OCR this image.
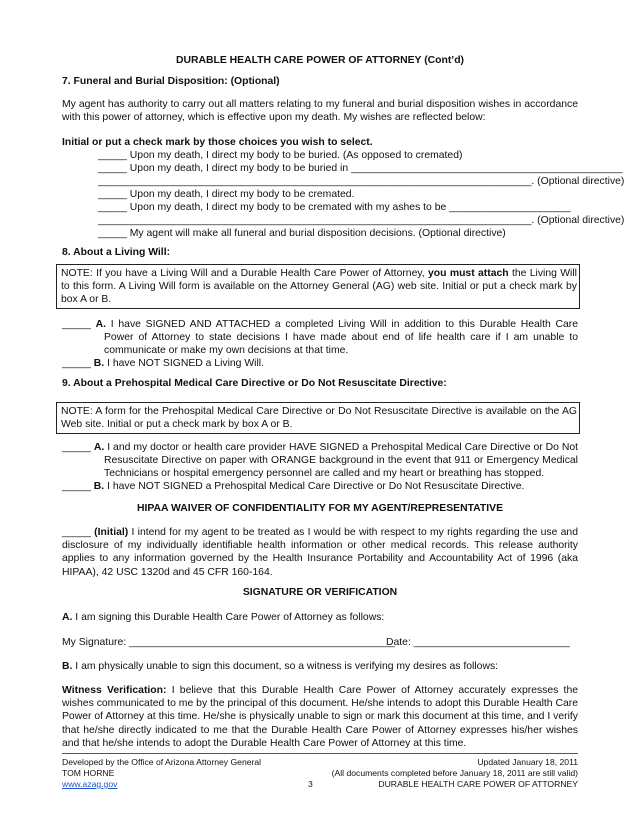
DURABLE HEALTH CARE POWER OF ATTORNEY (Cont’d)
7. Funeral and Burial Disposition: (Optional)

My agent has authority to carry out all matters relating to my funeral and burial disposition wishes in accordance with this power of attorney, which is effective upon my death. My wishes are reflected below:

Initial or put a check mark by those choices you wish to select.
_____ Upon my death, I direct my body to be buried. (As opposed to cremated)
_____ Upon my death, I direct my body to be buried in _______________________________________________
___________________________________________________________________________. (Optional directive)
_____ Upon my death, I direct my body to be cremated.
_____ Upon my death, I direct my body to be cremated with my ashes to be _____________________
___________________________________________________________________________. (Optional directive)
_____ My agent will make all funeral and burial disposition decisions. (Optional directive)
8. About a Living Will:
NOTE: If you have a Living Will and a Durable Health Care Power of Attorney, you must attach the Living Will to this form. A Living Will form is available on the Attorney General (AG) web site. Initial or put a check mark by box A or B.
_____ A. I have SIGNED AND ATTACHED a completed Living Will in addition to this Durable Health Care Power of Attorney to state decisions I have made about end of life health care if I am unable to communicate or make my own decisions at that time.
_____ B. I have NOT SIGNED a Living Will.
9. About a Prehospital Medical Care Directive or Do Not Resuscitate Directive:
NOTE: A form for the Prehospital Medical Care Directive or Do Not Resuscitate Directive is available on the AG Web site. Initial or put a check mark by box A or B.
_____ A. I and my doctor or health care provider HAVE SIGNED a Prehospital Medical Care Directive or Do Not Resuscitate Directive on paper with ORANGE background in the event that 911 or Emergency Medical Technicians or hospital emergency personnel are called and my heart or breathing has stopped.
_____ B. I have NOT SIGNED a Prehospital Medical Care Directive or Do Not Resuscitate Directive.
HIPAA WAIVER OF CONFIDENTIALITY FOR MY AGENT/REPRESENTATIVE

_____ (Initial) I intend for my agent to be treated as I would be with respect to my rights regarding the use and disclosure of my individually identifiable health information or other medical records. This release authority applies to any information governed by the Health Insurance Portability and Accountability Act of 1996 (aka HIPAA), 42 USC 1320d and 45 CFR 160-164.

SIGNATURE OR VERIFICATION
A. I am signing this Durable Health Care Power of Attorney as follows:
My Signature: ______________________________________________
Date: ___________________________
B. I am physically unable to sign this document, so a witness is verifying my desires as follows:

Witness Verification: I believe that this Durable Health Care Power of Attorney accurately expresses the wishes communicated to me by the principal of this document. He/she intends to adopt this Durable Health Care Power of Attorney at this time. He/she is physically unable to sign or mark this document at this time, and I verify that he/she directly indicated to me that the Durable Health Care Power of Attorney expresses his/her wishes and that he/she intends to adopt the Durable Health Care Power of Attorney at this time.

Developed by the Office of Arizona Attorney General
TOM HORNE
www.azag.gov	3
Updated January 18, 2011
(All documents completed before January 18, 2011 are still valid)
DURABLE HEALTH CARE POWER OF ATTORNEY
